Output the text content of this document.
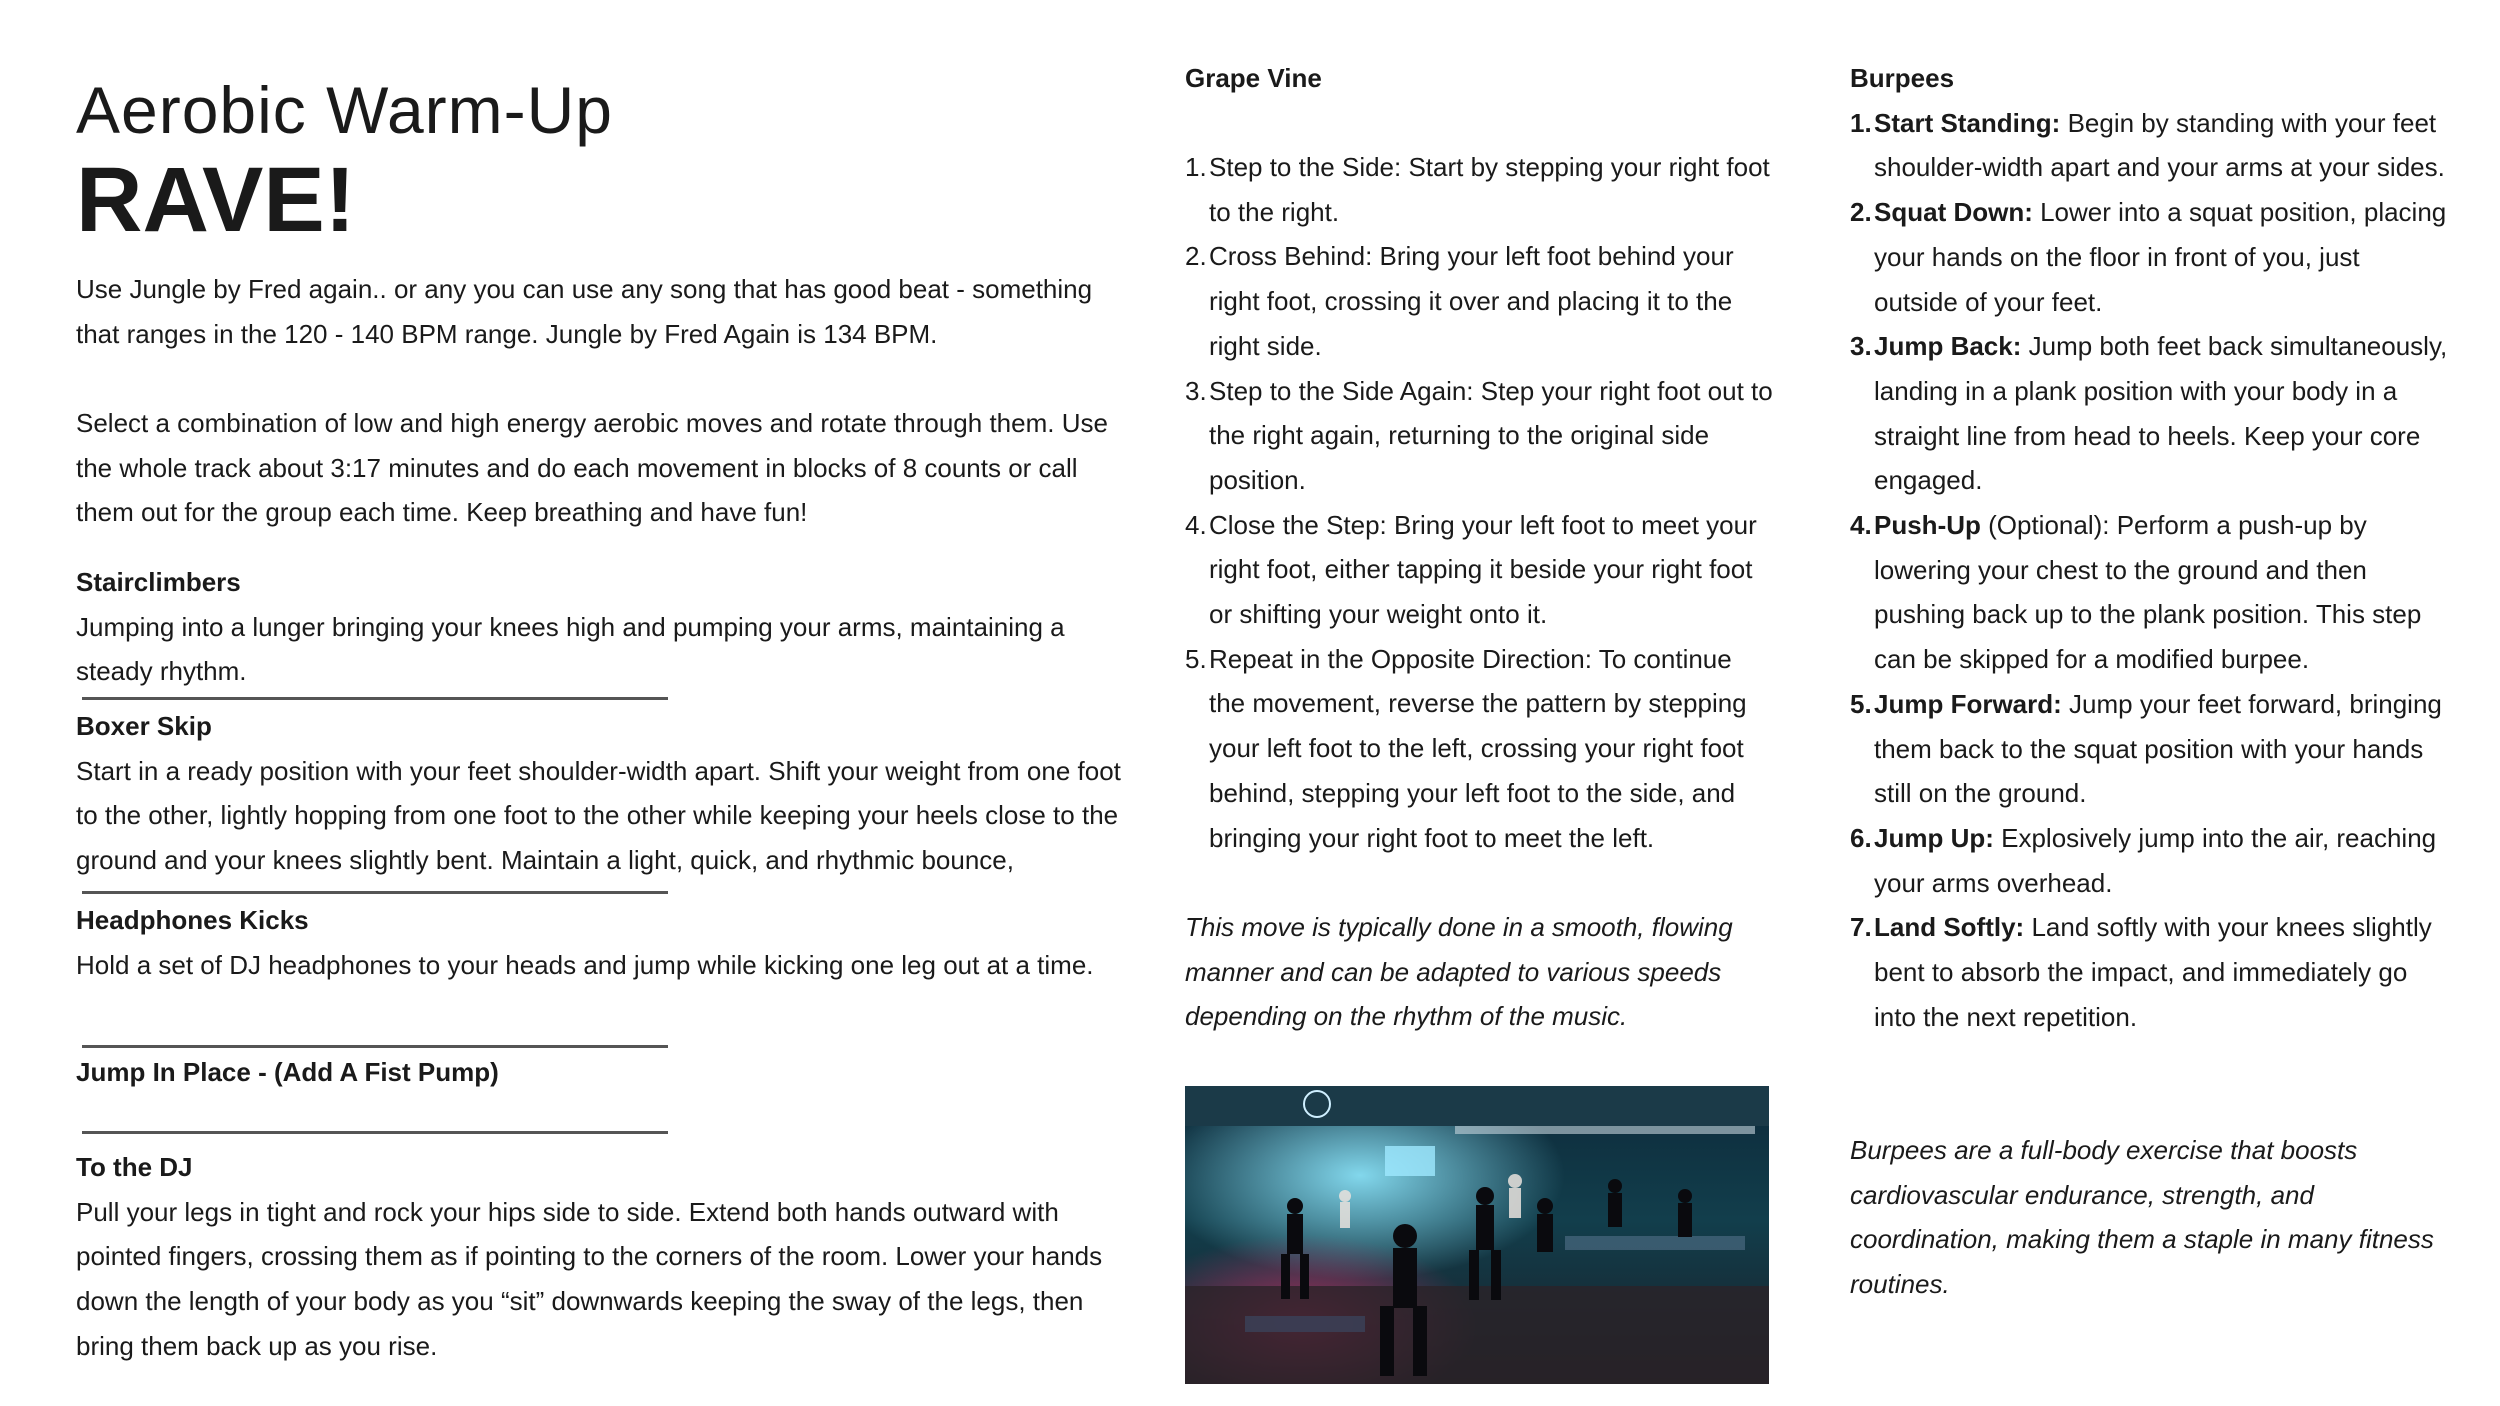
Aerobic Warm-Up
RAVE!

Use Jungle by Fred again.. or any you can use any song that has good beat - something that ranges in the 120 - 140 BPM range. Jungle by Fred Again is 134 BPM.

Select a combination of low and high energy aerobic moves and rotate through them. Use the whole track about 3:17 minutes and do each movement in blocks of 8 counts or call them out for the group each time. Keep breathing and have fun!

Stairclimbers

Jumping into a lunger bringing your knees high and pumping your arms, maintaining a steady rhythm.

Boxer Skip

Start in a ready position with your feet shoulder-width apart. Shift your weight from one foot to the other, lightly hopping from one foot to the other while keeping your heels close to the ground and your knees slightly bent. Maintain a light, quick, and rhythmic bounce,

Headphones Kicks

Hold a set of DJ headphones to your heads and jump while kicking one leg out at a time.

Jump In Place - (Add A Fist Pump)

To the DJ

Pull your legs in tight and rock your hips side to side. Extend both hands outward with pointed fingers, crossing them as if pointing to the corners of the room. Lower your hands down the length of your body as you “sit” downwards keeping the sway of the legs, then bring them back up as you rise.

Grape Vine

1. Step to the Side: Start by stepping your right foot to the right.
2. Cross Behind: Bring your left foot behind your right foot, crossing it over and placing it to the right side.
3. Step to the Side Again: Step your right foot out to the right again, returning to the original side position.
4. Close the Step: Bring your left foot to meet your right foot, either tapping it beside your right foot or shifting your weight onto it.
5. Repeat in the Opposite Direction: To continue the movement, reverse the pattern by stepping your left foot to the left, crossing your right foot behind, stepping your left foot to the side, and bringing your right foot to meet the left.

This move is typically done in a smooth, flowing manner and can be adapted to various speeds depending on the rhythm of the music.

Burpees

1. Start Standing: Begin by standing with your feet shoulder-width apart and your arms at your sides.
2. Squat Down: Lower into a squat position, placing your hands on the floor in front of you, just outside of your feet.
3. Jump Back: Jump both feet back simultaneously, landing in a plank position with your body in a straight line from head to heels. Keep your core engaged.
4. Push-Up (Optional): Perform a push-up by lowering your chest to the ground and then pushing back up to the plank position. This step can be skipped for a modified burpee.
5. Jump Forward: Jump your feet forward, bringing them back to the squat position with your hands still on the ground.
6. Jump Up: Explosively jump into the air, reaching your arms overhead.
7. Land Softly: Land softly with your knees slightly bent to absorb the impact, and immediately go into the next repetition.

Burpees are a full-body exercise that boosts cardiovascular endurance, strength, and coordination, making them a staple in many fitness routines.
